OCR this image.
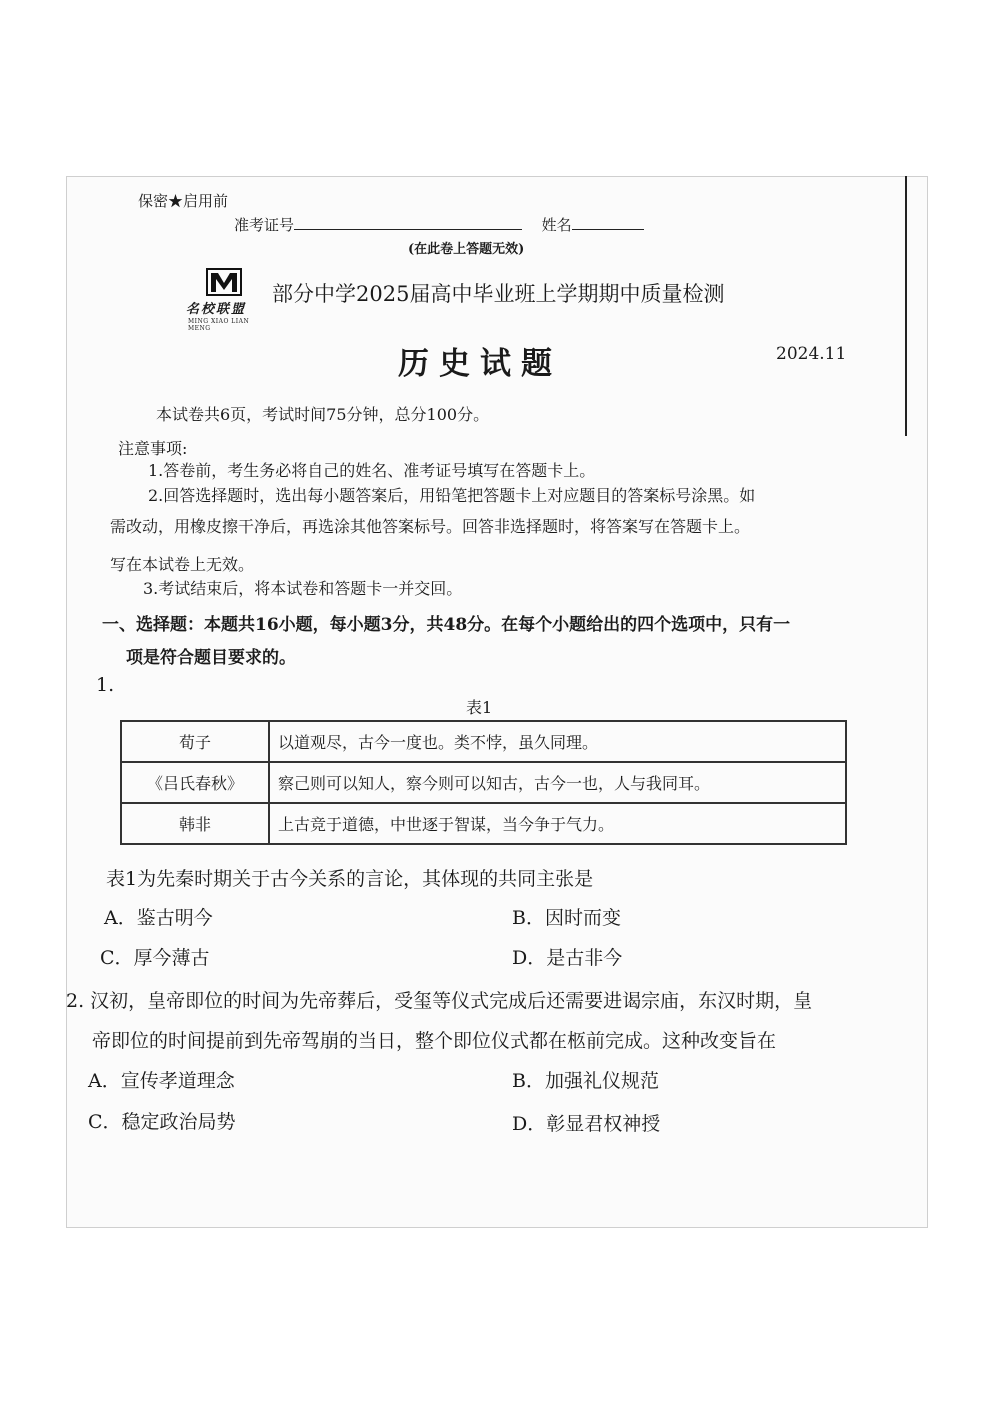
保密★启用前
准考证号	姓名
(在此卷上答题无效)
名校联盟
MING XIAO LIAN MENG
部分中学2025届高中毕业班上学期期中质量检测
历史试题	2024.11
本试卷共6页，考试时间75分钟，总分100分。
注意事项:
1.答卷前，考生务必将自己的姓名、准考证号填写在答题卡上。
2.回答选择题时，选出每小题答案后，用铅笔把答题卡上对应题目的答案标号涂黑。如
需改动，用橡皮擦干净后，再选涂其他答案标号。回答非选择题时，将答案写在答题卡上。
写在本试卷上无效。
3.考试结束后，将本试卷和答题卡一并交回。
一、选择题：本题共16小题，每小题3分，共48分。在每个小题给出的四个选项中，只有一
项是符合题目要求的。
1.
表1
荀子	以道观尽，古今一度也。类不悖，虽久同理。
《吕氏春秋》	察己则可以知人，察今则可以知古，古今一也，人与我同耳。
韩非	上古竞于道德，中世逐于智谋，当今争于气力。
表1为先秦时期关于古今关系的言论，其体现的共同主张是
A．鉴古明今	B．因时而变
C．厚今薄古	D．是古非今
2. 汉初，皇帝即位的时间为先帝葬后，受玺等仪式完成后还需要进谒宗庙，东汉时期，皇
帝即位的时间提前到先帝驾崩的当日，整个即位仪式都在柩前完成。这种改变旨在
A．宣传孝道理念	B．加强礼仪规范
C．稳定政治局势	D．彰显君权神授
